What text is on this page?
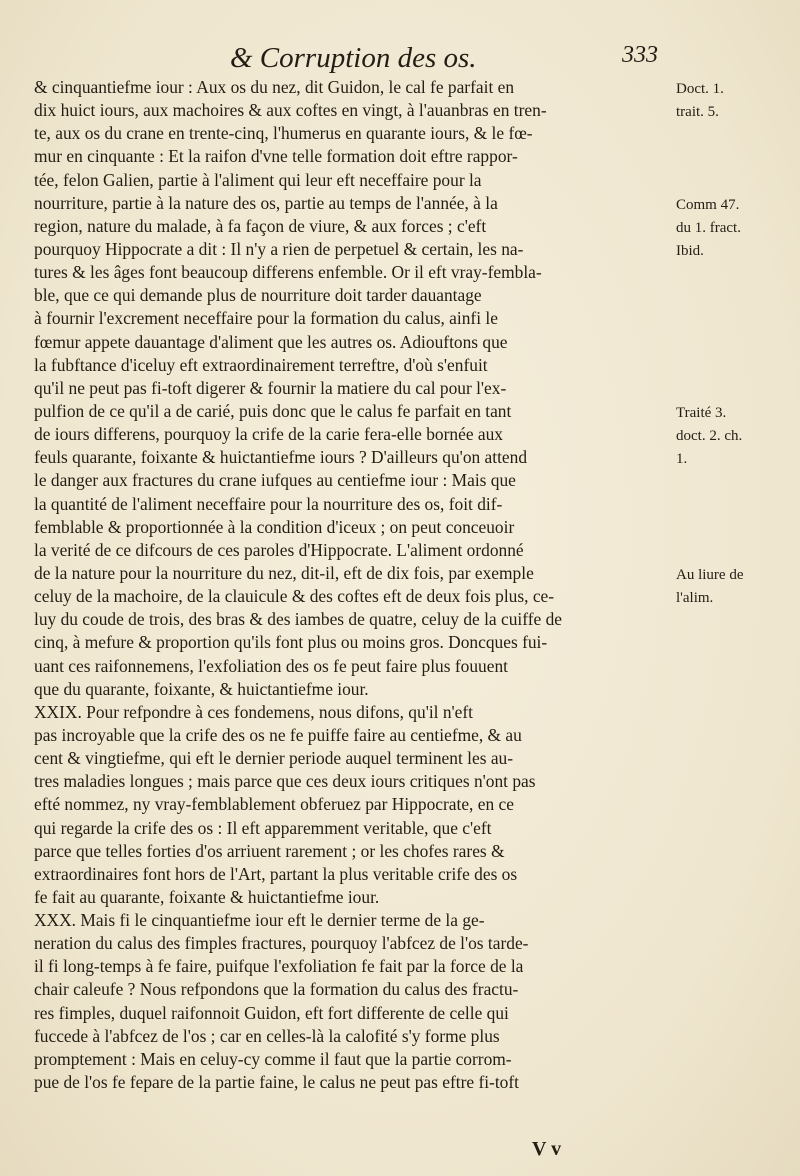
& Corruption des os.	333
& cinquantiefme iour : Aux os du nez, dit Guidon, le cal fe parfait en
dix huict iours, aux machoires & aux coftes en vingt, à l'auanbras en tren-
te, aux os du crane en trente-cinq, l'humerus en quarante iours, & le fœ-
mur en cinquante : Et la raifon d'vne telle formation doit eftre rappor-
tée, felon Galien, partie à l'aliment qui leur eft neceffaire pour la
nourriture, partie à la nature des os, partie au temps de l'année, à la
region, nature du malade, à fa façon de viure, & aux forces ; c'eft
pourquoy Hippocrate a dit : Il n'y a rien de perpetuel & certain, les na-
tures & les âges font beaucoup differens enfemble. Or il eft vray-fembla-
ble, que ce qui demande plus de nourriture doit tarder dauantage
à fournir l'excrement neceffaire pour la formation du calus, ainfi le
fœmur appete dauantage d'aliment que les autres os. Adiouftons que
la fubftance d'iceluy eft extraordinairement terreftre, d'où s'enfuit
qu'il ne peut pas fi-toft digerer & fournir la matiere du cal pour l'ex-
pulfion de ce qu'il a de carié, puis donc que le calus fe parfait en tant
de iours differens, pourquoy la crife de la carie fera-elle bornée aux
feuls quarante, foixante & huictantiefme iours ? D'ailleurs qu'on attend
le danger aux fractures du crane iufques au centiefme iour : Mais que
la quantité de l'aliment neceffaire pour la nourriture des os, foit dif-
femblable & proportionnée à la condition d'iceux ; on peut conceuoir
la verité de ce difcours de ces paroles d'Hippocrate. L'aliment ordonné
de la nature pour la nourriture du nez, dit-il, eft de dix fois, par exemple
celuy de la machoire, de la clauicule & des coftes eft de deux fois plus, ce-
luy du coude de trois, des bras & des iambes de quatre, celuy de la cuiffe de
cinq, à mefure & proportion qu'ils font plus ou moins gros. Doncques fui-
uant ces raifonnemens, l'exfoliation des os fe peut faire plus fouuent
que du quarante, foixante, & huictantiefme iour.
XXIX. Pour refpondre à ces fondemens, nous difons, qu'il n'eft
pas incroyable que la crife des os ne fe puiffe faire au centiefme, & au
cent & vingtiefme, qui eft le dernier periode auquel terminent les au-
tres maladies longues ; mais parce que ces deux iours critiques n'ont pas
efté nommez, ny vray-femblablement obferuez par Hippocrate, en ce
qui regarde la crife des os : Il eft apparemment veritable, que c'eft
parce que telles forties d'os arriuent rarement ; or les chofes rares &
extraordinaires font hors de l'Art, partant la plus veritable crife des os
fe fait au quarante, foixante & huictantiefme iour.
XXX. Mais fi le cinquantiefme iour eft le dernier terme de la ge-
neration du calus des fimples fractures, pourquoy l'abfcez de l'os tarde-
il fi long-temps à fe faire, puifque l'exfoliation fe fait par la force de la
chair caleufe ? Nous refpondons que la formation du calus des fractu-
res fimples, duquel raifonnoit Guidon, eft fort differente de celle qui
fuccede à l'abfcez de l'os ; car en celles-là la calofité s'y forme plus
promptement : Mais en celuy-cy comme il faut que la partie corrom-
pue de l'os fe fepare de la partie faine, le calus ne peut pas eftre fi-toft
Doct. 1.
trait. 5.
Comm 47.
du 1. fract.
Ibid.
Traité 3.
doct. 2. ch.
1.
Au liure de
l'alim.
V v
